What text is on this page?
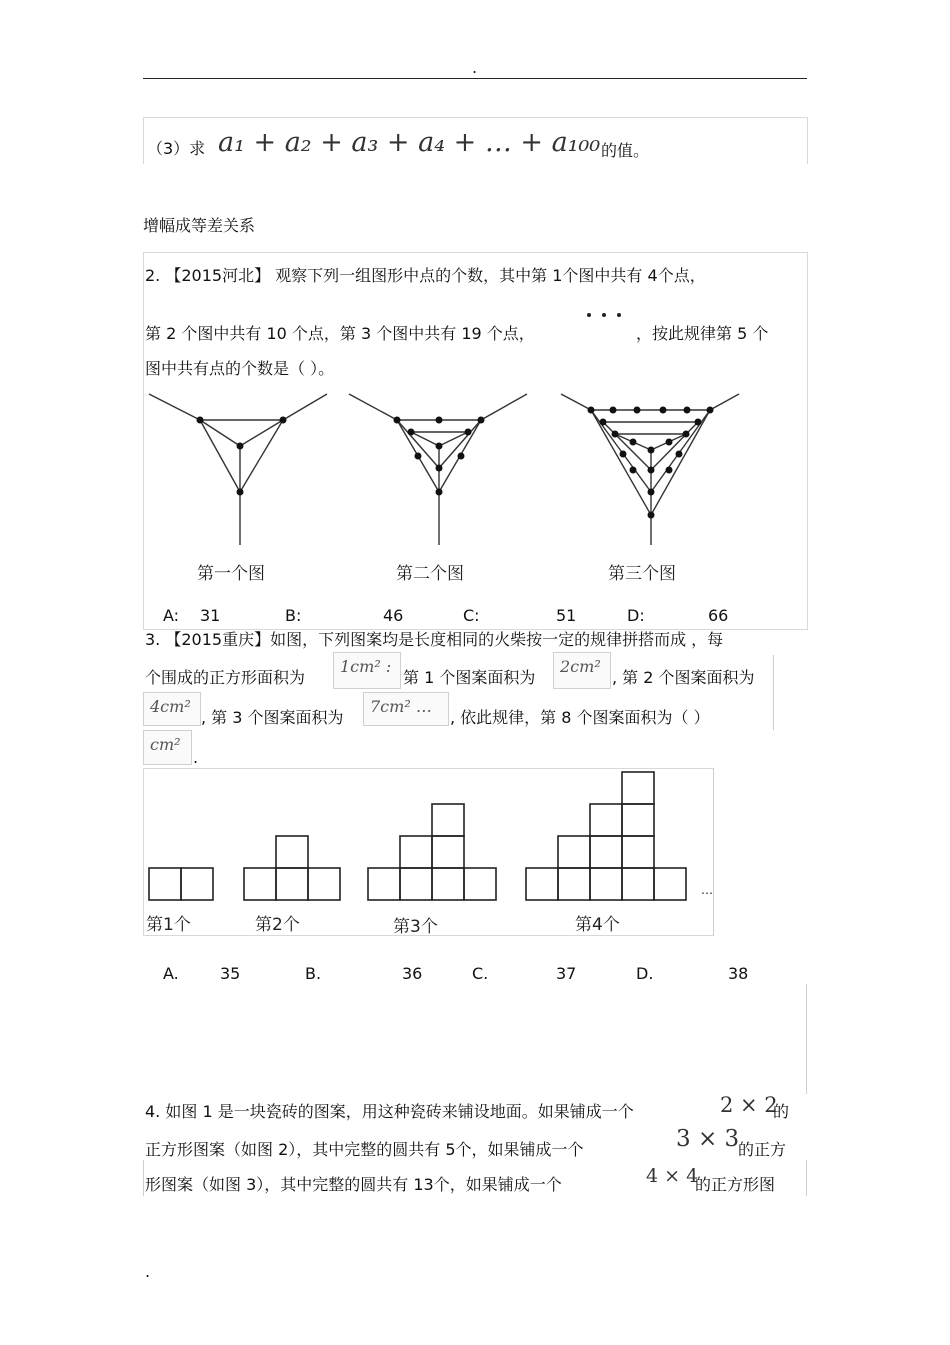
.
（3）求 a₁ + a₂ + a₃ + a₄ + … + a₁₀₀ 的值。
增幅成等差关系
2. 【2015河北】 观察下列一组图形中点的个数，其中第 1个图中共有 4个点，
第 2 个图中共有 10 个点，第 3 个图中共有 19 个点，	，按此规律第 5 个
图中共有点的个数是（ ）。
第一个图	第二个图	第三个图
A: 31	B:	46	C:	51	D:	66
3. 【2015重庆】如图，下列图案均是长度相同的火柴按一定的规律拼搭而成 ，每
个围成的正方形面积为
1cm² :
第 1 个图案面积为
2cm²
, 第 2 个图案面积为
4cm²
, 第 3 个图案面积为
7cm² …
, 依此规律，第 8 个图案面积为（ ）
cm²
.
第1个	第2个	第3个	第4个
…
A.	35	B.	36	C.	37	D.	38
4. 如图 1 是一块瓷砖的图案，用这种瓷砖来铺设地面。如果铺成一个	2 × 2
的
正方形图案（如图 2），其中完整的圆共有 5个，如果铺成一个	3 × 3
的正方
形图案（如图 3），其中完整的圆共有 13个，如果铺成一个	4 × 4
的正方形图
.
